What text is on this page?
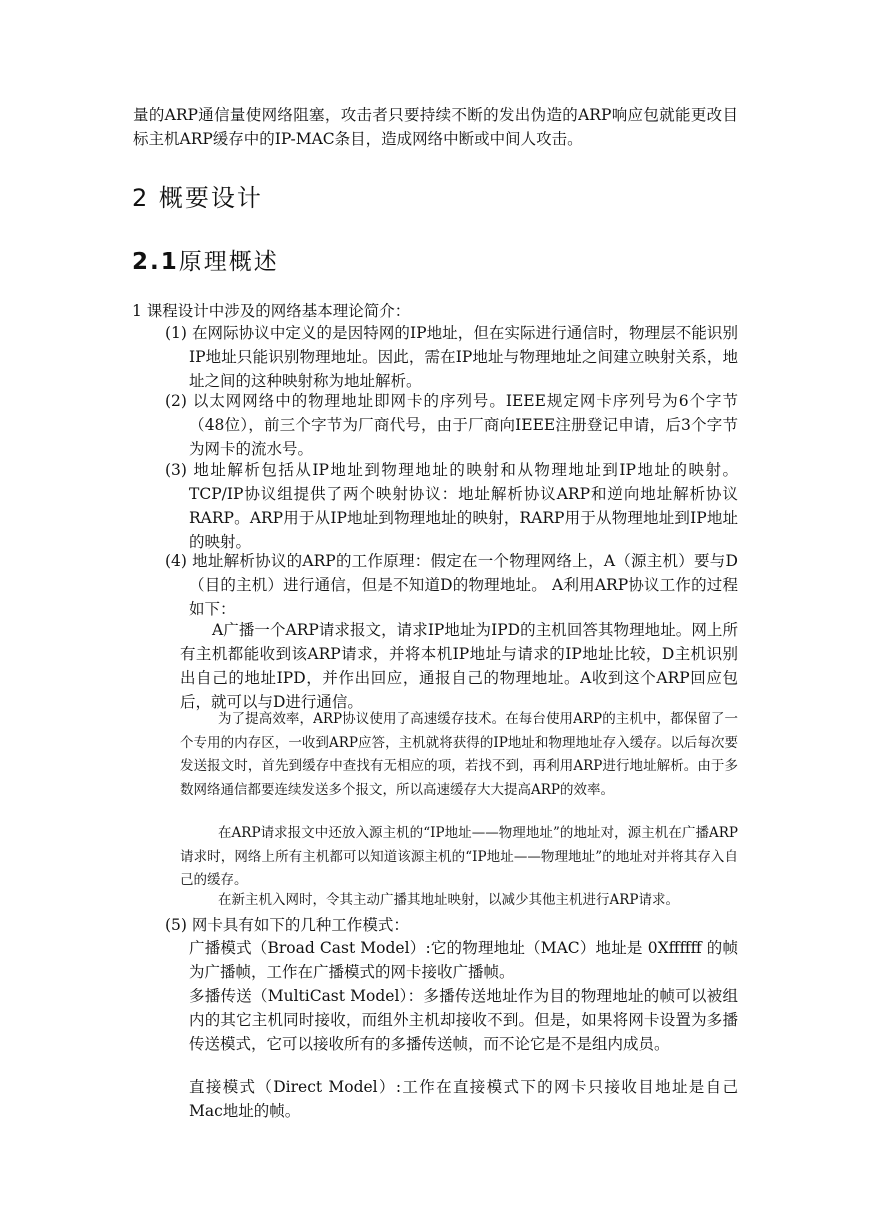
量的ARP通信量使网络阻塞，攻击者只要持续不断的发出伪造的ARP响应包就能更改目标主机ARP缓存中的IP-MAC条目，造成网络中断或中间人攻击。

2 概要设计
2.1原理概述

1 课程设计中涉及的网络基本理论简介：

(1) 在网际协议中定义的是因特网的IP地址，但在实际进行通信时，物理层不能识别IP地址只能识别物理地址。因此，需在IP地址与物理地址之间建立映射关系，地址之间的这种映射称为地址解析。

(2) 以太网网络中的物理地址即网卡的序列号。IEEE规定网卡序列号为6个字节（48位），前三个字节为厂商代号，由于厂商向IEEE注册登记申请，后3个字节为网卡的流水号。

(3) 地址解析包括从IP地址到物理地址的映射和从物理地址到IP地址的映射。TCP/IP协议组提供了两个映射协议：地址解析协议ARP和逆向地址解析协议RARP。ARP用于从IP地址到物理地址的映射，RARP用于从物理地址到IP地址的映射。

(4) 地址解析协议的ARP的工作原理：假定在一个物理网络上，A（源主机）要与D（目的主机）进行通信，但是不知道D的物理地址。 A利用ARP协议工作的过程如下：

A广播一个ARP请求报文，请求IP地址为IPD的主机回答其物理地址。网上所有主机都能收到该ARP请求，并将本机IP地址与请求的IP地址比较，D主机识别出自己的地址IPD，并作出回应，通报自己的物理地址。A收到这个ARP回应包后，就可以与D进行通信。

为了提高效率，ARP协议使用了高速缓存技术。在每台使用ARP的主机中，都保留了一个专用的内存区，一收到ARP应答，主机就将获得的IP地址和物理地址存入缓存。以后每次要发送报文时，首先到缓存中查找有无相应的项，若找不到，再利用ARP进行地址解析。由于多数网络通信都要连续发送多个报文，所以高速缓存大大提高ARP的效率。

在ARP请求报文中还放入源主机的“IP地址——物理地址”的地址对，源主机在广播ARP请求时，网络上所有主机都可以知道该源主机的“IP地址——物理地址”的地址对并将其存入自己的缓存。

在新主机入网时，令其主动广播其地址映射，以减少其他主机进行ARP请求。

(5) 网卡具有如下的几种工作模式：

广播模式（Broad Cast Model）:它的物理地址（MAC）地址是 0Xffffff 的帧为广播帧，工作在广播模式的网卡接收广播帧。

多播传送（MultiCast Model）：多播传送地址作为目的物理地址的帧可以被组内的其它主机同时接收，而组外主机却接收不到。但是，如果将网卡设置为多播传送模式，它可以接收所有的多播传送帧，而不论它是不是组内成员。

直接模式（Direct Model）:工作在直接模式下的网卡只接收目地址是自己 Mac地址的帧。
